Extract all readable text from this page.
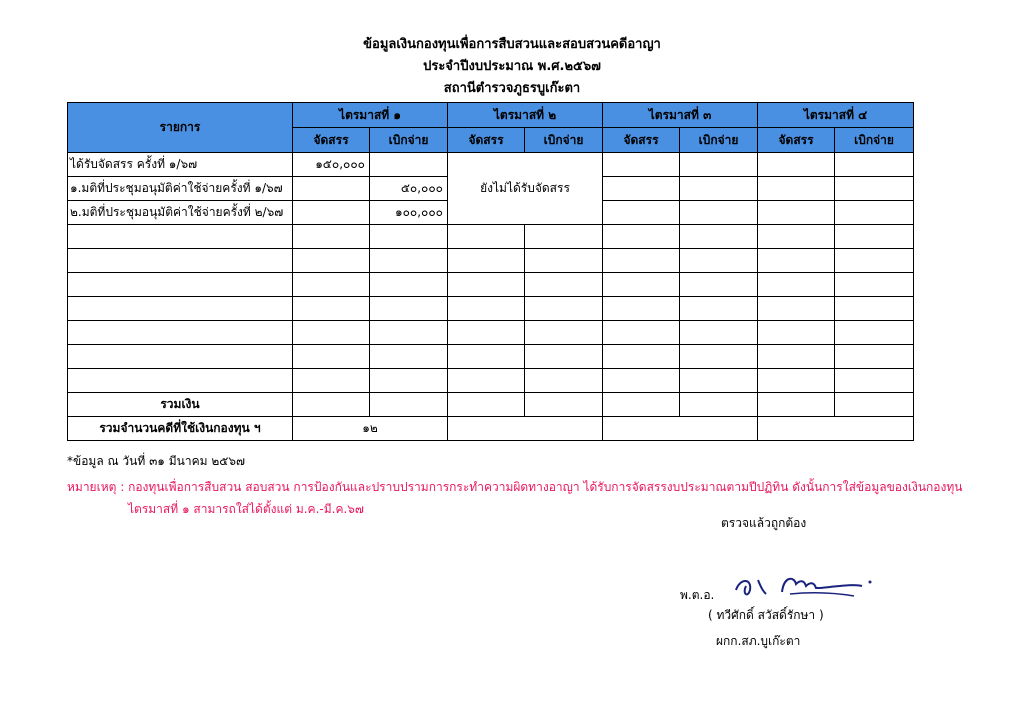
ข้อมูลเงินกองทุนเพื่อการสืบสวนและสอบสวนคดีอาญา
ประจำปีงบประมาณ พ.ศ.๒๕๖๗
สถานีตำรวจภูธรบูเก๊ะตา
รายการ	ไตรมาสที่ ๑		ไตรมาสที่ ๒		ไตรมาสที่ ๓		ไตรมาสที่ ๔	
	จัดสรร	เบิกจ่าย	จัดสรร	เบิกจ่าย	จัดสรร	เบิกจ่าย	จัดสรร	เบิกจ่าย
ได้รับจัดสรร ครั้งที่ ๑/๖๗	๑๕๐,๐๐๐		ยังไม่ได้รับจัดสรร					
๑.มติที่ประชุมอนุมัติค่าใช้จ่ายครั้งที่ ๑/๖๗		๕๐,๐๐๐						
๒.มติที่ประชุมอนุมัติค่าใช้จ่ายครั้งที่ ๒/๖๗		๑๐๐,๐๐๐						

รวมเงิน								
รวมจำนวนคดีที่ใช้เงินกองทุน ฯ	๑๒							
*ข้อมูล ณ วันที่ ๓๑ มีนาคม ๒๕๖๗
หมายเหตุ : กองทุนเพื่อการสืบสวน สอบสวน การป้องกันและปราบปรามการกระทำความผิดทางอาญา ได้รับการจัดสรรงบประมาณตามปีปฏิทิน ดังนั้นการใส่ข้อมูลของเงินกองทุน
ไตรมาสที่ ๑ สามารถใส่ได้ตั้งแต่ ม.ค.-มี.ค.๖๗
ตรวจแล้วถูกต้อง
พ.ต.อ.
( ทวีศักดิ์ สวัสดิ์รักษา )
ผกก.สภ.บูเก๊ะตา
